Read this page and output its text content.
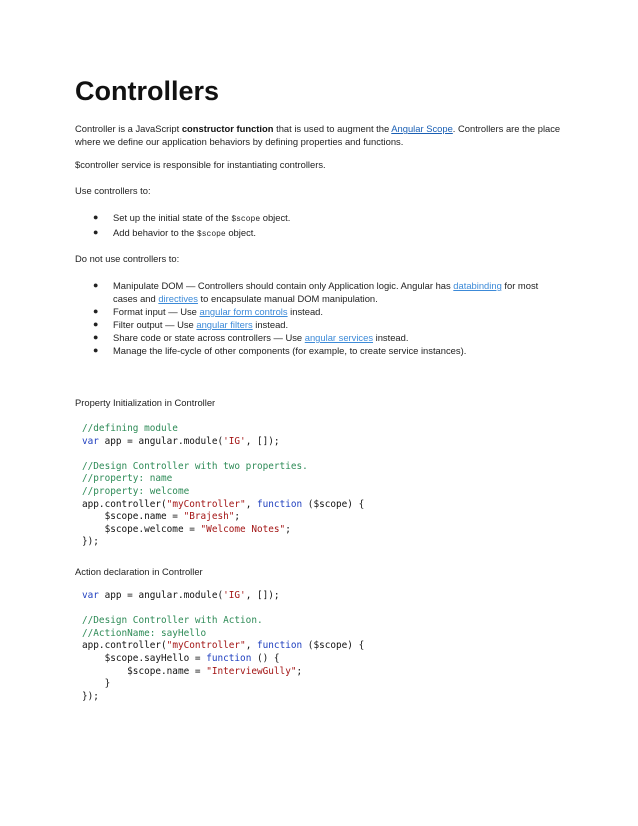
Controllers

Controller is a JavaScript constructor function that is used to augment the Angular Scope. Controllers are the place where we define our application behaviors by defining properties and functions.

$controller service is responsible for instantiating controllers.

Use controllers to:

● Set up the initial state of the $scope object.
● Add behavior to the $scope object.

Do not use controllers to:

● Manipulate DOM — Controllers should contain only Application logic. Angular has databinding for most cases and directives to encapsulate manual DOM manipulation.
● Format input — Use angular form controls instead.
● Filter output — Use angular filters instead.
● Share code or state across controllers — Use angular services instead.
● Manage the life-cycle of other components (for example, to create service instances).

Property Initialization in Controller

//defining module
var app = angular.module('IG', []);

//Design Controller with two properties.
//property: name
//property: welcome
app.controller("myController", function ($scope) {
$scope.name = "Brajesh";
$scope.welcome = "Welcome Notes";
});

Action declaration in Controller

var app = angular.module('IG', []);

//Design Controller with Action.
//ActionName: sayHello
app.controller("myController", function ($scope) {
$scope.sayHello = function () {
$scope.name = "InterviewGully";
}
});
